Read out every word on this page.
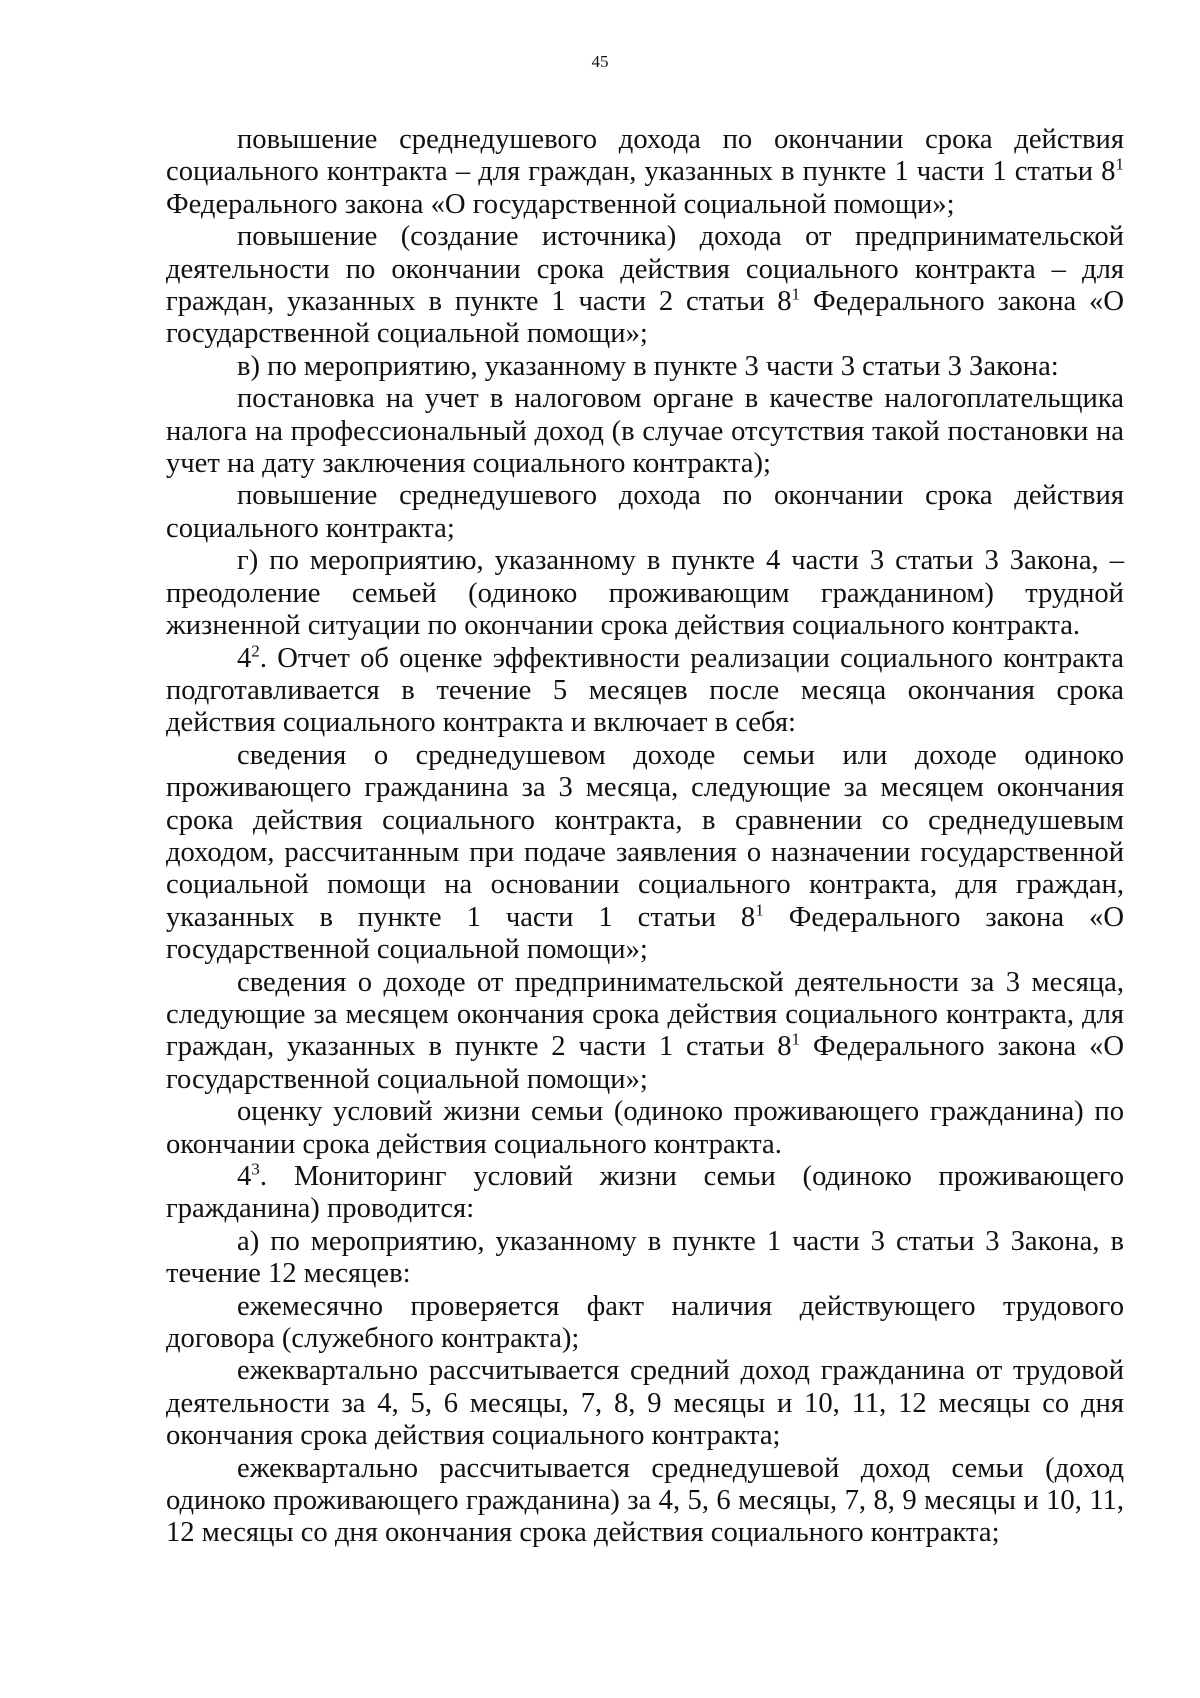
45

повышение среднедушевого дохода по окончании срока действия социального контракта – для граждан, указанных в пункте 1 части 1 статьи $8^1$ Федерального закона «О государственной социальной помощи»;

повышение (создание источника) дохода от предпринимательской деятельности по окончании срока действия социального контракта – для граждан, указанных в пункте 1 части 2 статьи $8^1$ Федерального закона «О государственной социальной помощи»;

в) по мероприятию, указанному в пункте 3 части 3 статьи 3 Закона:

постановка на учет в налоговом органе в качестве налогоплательщика налога на профессиональный доход (в случае отсутствия такой постановки на учет на дату заключения социального контракта);

повышение среднедушевого дохода по окончании срока действия социального контракта;

г) по мероприятию, указанному в пункте 4 части 3 статьи 3 Закона, – преодоление семьей (одиноко проживающим гражданином) трудной жизненной ситуации по окончании срока действия социального контракта.

$4^2$. Отчет об оценке эффективности реализации социального контракта подготавливается в течение 5 месяцев после месяца окончания срока действия социального контракта и включает в себя:

сведения о среднедушевом доходе семьи или доходе одиноко проживающего гражданина за 3 месяца, следующие за месяцем окончания срока действия социального контракта, в сравнении со среднедушевым доходом, рассчитанным при подаче заявления о назначении государственной социальной помощи на основании социального контракта, для граждан, указанных в пункте 1 части 1 статьи $8^1$ Федерального закона «О государственной социальной помощи»;

сведения о доходе от предпринимательской деятельности за 3 месяца, следующие за месяцем окончания срока действия социального контракта, для граждан, указанных в пункте 2 части 1 статьи $8^1$ Федерального закона «О государственной социальной помощи»;

оценку условий жизни семьи (одиноко проживающего гражданина) по окончании срока действия социального контракта.

$4^3$. Мониторинг условий жизни семьи (одиноко проживающего гражданина) проводится:

а) по мероприятию, указанному в пункте 1 части 3 статьи 3 Закона, в течение 12 месяцев:

ежемесячно проверяется факт наличия действующего трудового договора (служебного контракта);

ежеквартально рассчитывается средний доход гражданина от трудовой деятельности за 4, 5, 6 месяцы, 7, 8, 9 месяцы и 10, 11, 12 месяцы со дня окончания срока действия социального контракта;

ежеквартально рассчитывается среднедушевой доход семьи (доход одиноко проживающего гражданина) за 4, 5, 6 месяцы, 7, 8, 9 месяцы и 10, 11, 12 месяцы со дня окончания срока действия социального контракта;
